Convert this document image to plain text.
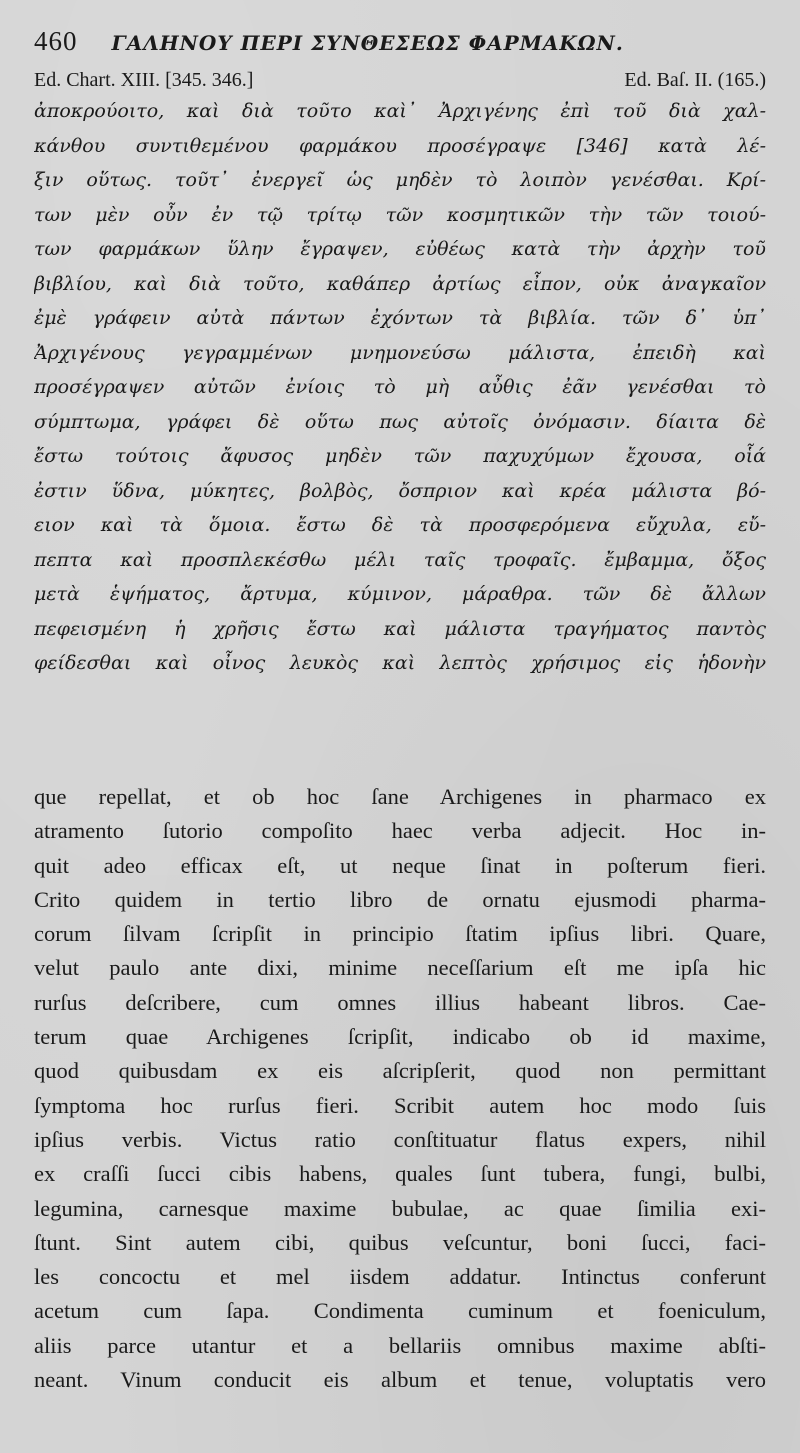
460 ΓΑΛΗΝΟΥ ΠΕΡΙ ΣΥΝΘΕΣΕΩΣ ΦΑΡΜΑΚΩΝ.
Ed. Chart. XIII. [345. 346.]	Ed. Baſ. II. (165.)
ἀποκρούοιτο, καὶ διὰ τοῦτο καὶ᾽ Ἀρχιγένης ἐπὶ τοῦ διὰ χαλ-
κάνθου συντιθεμένου φαρμάκου προσέγραψε [346] κατὰ λέ-
ξιν οὕτως. τοῦτ᾽ ἐνεργεῖ ὡς μηδὲν τὸ λοιπὸν γενέσθαι. Κρί-
των μὲν οὖν ἐν τῷ τρίτῳ τῶν κοσμητικῶν τὴν τῶν τοιού-
των φαρμάκων ὕλην ἔγραψεν, εὐθέως κατὰ τὴν ἀρχὴν τοῦ
βιβλίου, καὶ διὰ τοῦτο, καθάπερ ἀρτίως εἶπον, οὐκ ἀναγκαῖον
ἐμὲ γράφειν αὐτὰ πάντων ἐχόντων τὰ βιβλία. τῶν δ᾽ ὑπ᾽
Ἀρχιγένους γεγραμμένων μνημονεύσω μάλιστα, ἐπειδὴ καὶ
προσέγραψεν αὐτῶν ἐνίοις τὸ μὴ αὖθις ἐᾶν γενέσθαι τὸ
σύμπτωμα, γράφει δὲ οὕτω πως αὐτοῖς ὀνόμασιν. δίαιτα δὲ
ἔστω τούτοις ἄφυσος μηδὲν τῶν παχυχύμων ἔχουσα, οἷά
ἐστιν ὕδνα, μύκητες, βολβὸς, ὄσπριον καὶ κρέα μάλιστα βό-
ειον καὶ τὰ ὅμοια. ἔστω δὲ τὰ προσφερόμενα εὔχυλα, εὔ-
πεπτα καὶ προσπλεκέσθω μέλι ταῖς τροφαῖς. ἔμβαμμα, ὄξος
μετὰ ἑψήματος, ἄρτυμα, κύμινον, μάραθρα. τῶν δὲ ἄλλων
πεφεισμένη ἡ χρῆσις ἔστω καὶ μάλιστα τραγήματος παντὸς
φείδεσθαι καὶ οἶνος λευκὸς καὶ λεπτὸς χρήσιμος εἰς ἡδονὴν
que repellat, et ob hoc ſane Archigenes in pharmaco ex
atramento ſutorio compoſito haec verba adjecit. Hoc in-
quit adeo efficax eſt, ut neque ſinat in poſterum fieri.
Crito quidem in tertio libro de ornatu ejusmodi pharma-
corum ſilvam ſcripſit in principio ſtatim ipſius libri. Quare,
velut paulo ante dixi, minime neceſſarium eſt me ipſa hic
rurſus deſcribere, cum omnes illius habeant libros. Cae-
terum quae Archigenes ſcripſit, indicabo ob id maxime,
quod quibusdam ex eis aſcripſerit, quod non permittant
ſymptoma hoc rurſus fieri. Scribit autem hoc modo ſuis
ipſius verbis. Victus ratio conſtituatur flatus expers, nihil
ex craſſi ſucci cibis habens, quales ſunt tubera, fungi, bulbi,
legumina, carnesque maxime bubulae, ac quae ſimilia exi-
ſtunt. Sint autem cibi, quibus veſcuntur, boni ſucci, faci-
les concoctu et mel iisdem addatur. Intinctus conferunt
acetum cum ſapa. Condimenta cuminum et foeniculum,
aliis parce utantur et a bellariis omnibus maxime abſti-
neant. Vinum conducit eis album et tenue, voluptatis vero
